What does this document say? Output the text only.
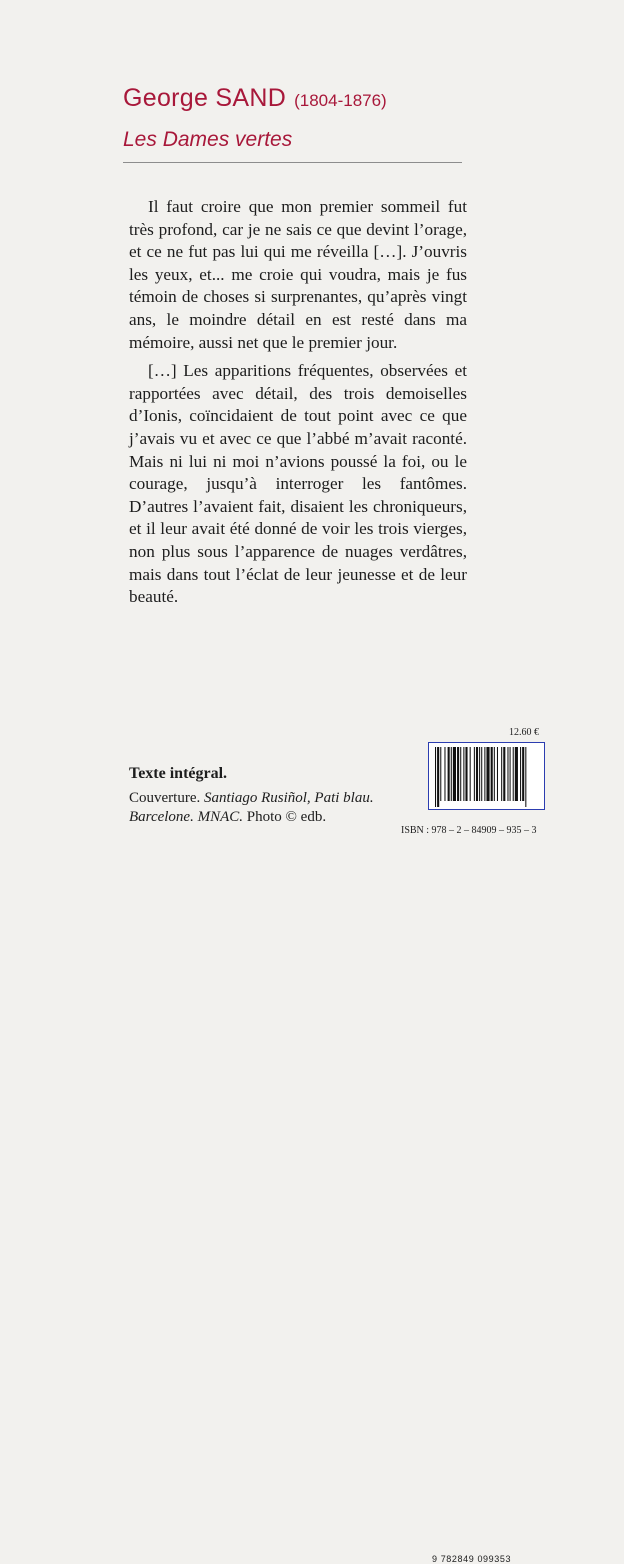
George SAND (1804-1876)
Les Dames vertes

Il faut croire que mon premier sommeil fut très profond, car je ne sais ce que devint l’orage, et ce ne fut pas lui qui me réveilla […]. J’ouvris les yeux, et... me croie qui voudra, mais je fus témoin de choses si surprenantes, qu’après vingt ans, le moindre détail en est resté dans ma mémoire, aussi net que le premier jour.

[…] Les apparitions fréquentes, observées et rapportées avec détail, des trois demoiselles d’Ionis, coïncidaient de tout point avec ce que j’avais vu et avec ce que l’abbé m’avait raconté. Mais ni lui ni moi n’avions poussé la foi, ou le courage, jusqu’à interroger les fantômes. D’autres l’avaient fait, disaient les chroniqueurs, et il leur avait été donné de voir les trois vierges, non plus sous l’apparence de nuages verdâtres, mais dans tout l’éclat de leur jeunesse et de leur beauté.

12.60 €
9 782849 099353
ISBN : 978 – 2 – 84909 – 935 – 3
Texte intégral.
Couverture. Santiago Rusiñol, Pati blau.
Barcelone. MNAC. Photo © edb.
